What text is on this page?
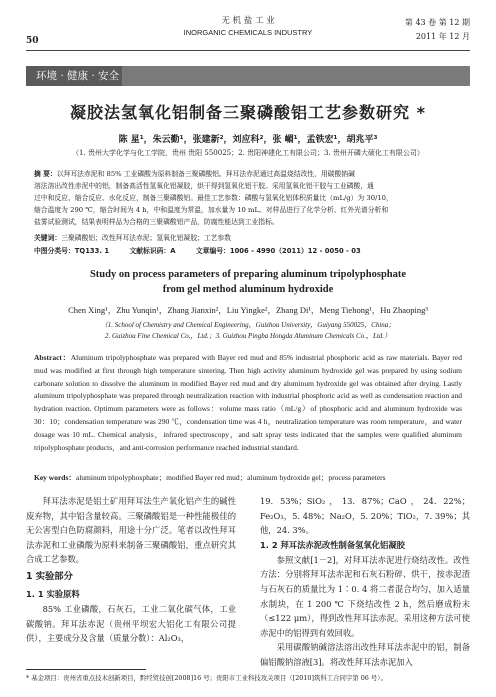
50
无 机 盐 工 业
INORGANIC CHEMICALS INDUSTRY
第 43 卷 第 12 期
2011 年 12 月
环境 · 健康 · 安全
凝胶法氢氧化铝制备三聚磷酸铝工艺参数研究 *
陈 星¹，朱云勤¹，张建新²，刘应科²，张 嵋¹，孟铁宏¹，胡兆平³
（1. 贵州大学化学与化工学院，贵州 贵阳 550025；2. 贵阳神建化工有限公司；3. 贵州开磷大硕化工有限公司）
摘 要：以拜耳法赤泥和 85% 工业磷酸为原料制备三聚磷酸铝。拜耳法赤泥通过高温烧结改性，用碳酸钠碱
溶法溶出改性赤泥中的铝，制备高活性氢氧化铝凝胶，烘干得到氢氧化铝干胶。采用氢氧化铝干胶与工业磷酸，通
过中和反应、缩合反应、水化反应，制备三聚磷酸铝。最佳工艺参数：磷酸与氢氧化铝体积质量比（mL/g）为 30/10，
缩合温度为 290 ℃，缩合时间为 4 h，中和温度为常温，加水量为 10 mL。对样品进行了化学分析、红外光谱分析和
盐雾试验测试，结果表明样品为合格的三聚磷酸铝产品，防腐性能达到工业指标。
关键词：三聚磷酸铝；改性拜耳法赤泥；氢氧化铝凝胶；工艺参数
中图分类号：TQ133. 1	文献标识码：A	文章编号：1006 - 4990（2011）12 - 0050 - 03
Study on process parameters of preparing aluminum tripolyphosphate
from gel method aluminum hydroxide
Chen Xing¹，Zhu Yunqin¹，Zhang Jianxin²，Liu Yingke²，Zhang Di¹，Meng Tiehong¹，Hu Zhaoping³
（1. School of Chemistry and Chemical Engineering，Guizhou University，Guiyang 550025，China；
2. Guizhou Fine Chemical Co.，Ltd.；3. Guizhou Pingba Hongda Aluminum Chemicals Co.，Ltd.）
Abstract：Aluminum tripolyphosphate was prepared with Bayer red mud and 85% industrial phosphoric acid as raw materials. Bayer red mud was modified at first through high temperature sintering. Then high activity aluminum hydroxide gel was prepared by using sodium carbonate solution to dissolve the aluminum in modified Bayer red mud and dry aluminum hydroxide gel was obtained after drying. Lastly aluminum tripolyphosphate was prepared through neutralization reaction with industrial phosphoric acid as well as condensation reaction and hydration reaction. Optimum parameters were as follows：volume mass ratio（mL/g）of phosphoric acid and aluminum hydroxide was 30：10；condensation temperature was 290 ℃，condensation time was 4 h，neutralization temperature was room temperature，and water dosage was 10 mL. Chemical analysis，infrared spectroscopy，and salt spray tests indicated that the samples were qualified aluminum tripolyphosphate products，and anti-corrosion performance reached industrial standard.
Key words：aluminum tripolyphosphate；modified Bayer red mud；aluminum hydroxide gel；process parameters

拜耳法赤泥是铝土矿用拜耳法生产氧化铝产生的碱性废弃物，其中铝含量较高。三聚磷酸铝是一种性能极佳的无公害型白色防腐颜料，用途十分广泛。笔者以改性拜耳法赤泥和工业磷酸为原料来制备三聚磷酸铝，重点研究其合成工艺参数。

1 实验部分
1. 1 实验原料

85% 工业磷酸，石灰石，工业二氧化碳气体，工业碳酸钠。拜耳法赤泥（贵州平坝宏大铝化工有限公司提供），主要成分及含量（质量分数）：Al₂O₃，

19. 53%；SiO₂，13. 87%；CaO，24. 22%；Fe₂O₃，5. 48%；Na₂O，5. 20%；TiO₂，7. 39%；其他，24. 3%。

1. 2 拜耳法赤泥改性制备氢氧化铝凝胶

参照文献[1－2]，对拜耳法赤泥进行烧结改性。改性方法：分别将拜耳法赤泥和石灰石粉碎、烘干，按赤泥渣与石灰石的质量比为 1∶0. 4 将二者混合均匀，加入适量水制块，在 1 200 ℃ 下烧结改性 2 h，然后磨成粉末（≤122 μm），得到改性拜耳法赤泥。采用这种方法可使赤泥中的铝得到有效回收。

采用碳酸钠碱溶法溶出改性拜耳法赤泥中的铝，制备偏铝酸钠溶液[3]。将改性拜耳法赤泥加入

* 基金项目：贵州省重点技术创新项目，黔经贸技创[2008]16 号；贵阳市工业科技攻关项目（[2010]筑科工合同字第 06 号）。
